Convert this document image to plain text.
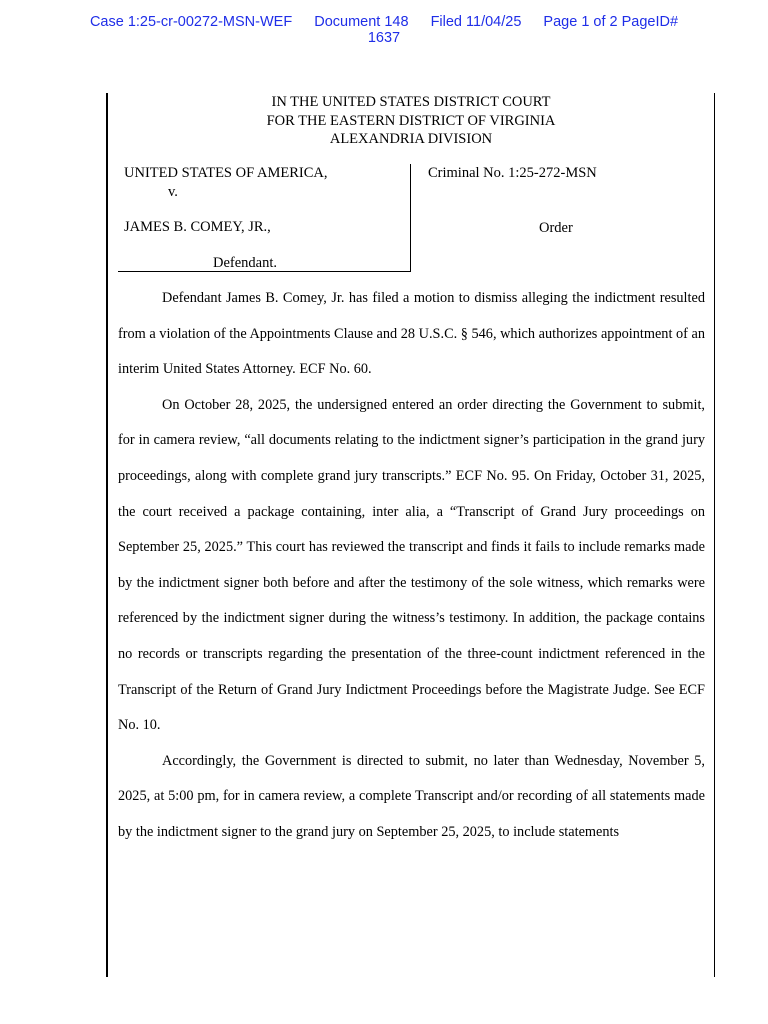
Case 1:25-cr-00272-MSN-WEF Document 148 Filed 11/04/25 Page 1 of 2 PageID#
1637
IN THE UNITED STATES DISTRICT COURT
FOR THE EASTERN DISTRICT OF VIRGINIA
ALEXANDRIA DIVISION
UNITED STATES OF AMERICA,
v.
JAMES B. COMEY, JR.,
Defendant.
Criminal No. 1:25-272-MSN
Order

Defendant James B. Comey, Jr. has filed a motion to dismiss alleging the indictment resulted from a violation of the Appointments Clause and 28 U.S.C. § 546, which authorizes appointment of an interim United States Attorney. ECF No. 60.

On October 28, 2025, the undersigned entered an order directing the Government to submit, for in camera review, “all documents relating to the indictment signer’s participation in the grand jury proceedings, along with complete grand jury transcripts.” ECF No. 95. On Friday, October 31, 2025, the court received a package containing, inter alia, a “Transcript of Grand Jury proceedings on September 25, 2025.” This court has reviewed the transcript and finds it fails to include remarks made by the indictment signer both before and after the testimony of the sole witness, which remarks were referenced by the indictment signer during the witness’s testimony. In addition, the package contains no records or transcripts regarding the presentation of the three-count indictment referenced in the Transcript of the Return of Grand Jury Indictment Proceedings before the Magistrate Judge. See ECF No. 10.

Accordingly, the Government is directed to submit, no later than Wednesday, November 5, 2025, at 5:00 pm, for in camera review, a complete Transcript and/or recording of all statements made by the indictment signer to the grand jury on September 25, 2025, to include statements
